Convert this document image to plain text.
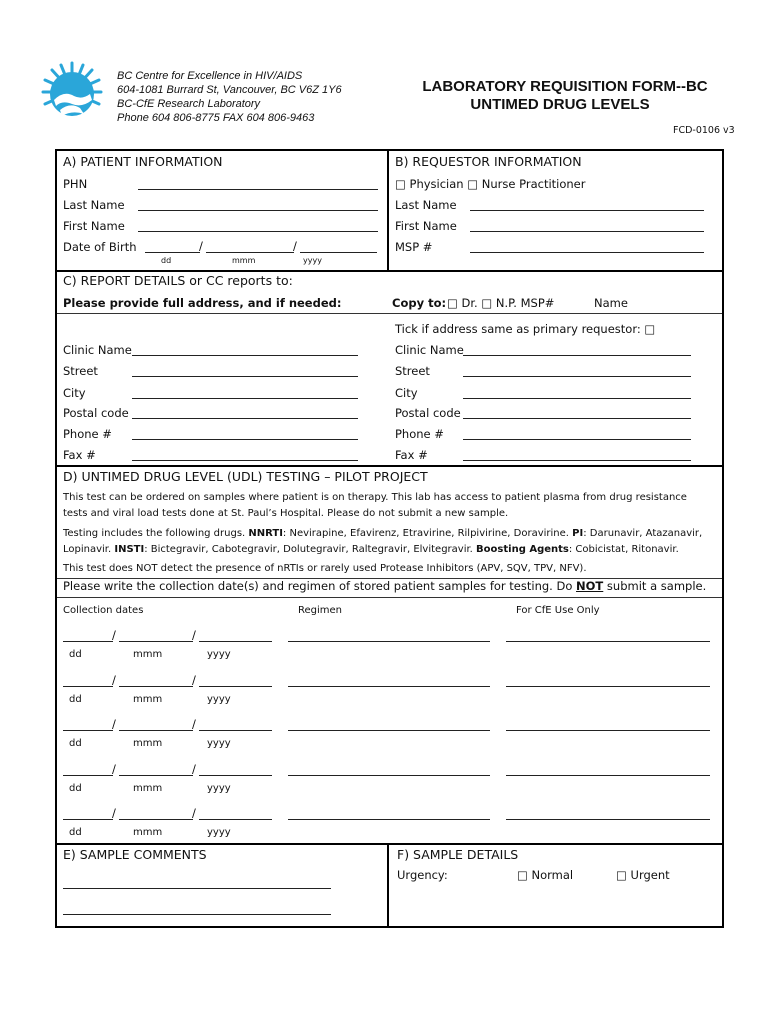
BC Centre for Excellence in HIV/AIDS
604-1081 Burrard St, Vancouver, BC V6Z 1Y6
BC-CfE Research Laboratory
Phone 604 806-8775 FAX 604 806-9463
LABORATORY REQUISITION FORM--BC
UNTIMED DRUG LEVELS
FCD-0106 v3
A) PATIENT INFORMATION
PHN
Last Name
First Name
Date of Birth	/	/
dd	mmm	yyyy
B) REQUESTOR INFORMATION
□ Physician □ Nurse Practitioner
Last Name
First Name
MSP #
C) REPORT DETAILS or CC reports to:
Please provide full address, and if needed:	Copy to: □ Dr. □ N.P. MSP#	Name
Tick if address same as primary requestor: □
Clinic Name
Street
City
Postal code
Phone #
Fax #
Clinic Name
Street
City
Postal code
Phone #
Fax #
D) UNTIMED DRUG LEVEL (UDL) TESTING – PILOT PROJECT
This test can be ordered on samples where patient is on therapy. This lab has access to patient plasma from drug resistance
tests and viral load tests done at St. Paul’s Hospital. Please do not submit a new sample.
Testing includes the following drugs. NNRTI: Nevirapine, Efavirenz, Etravirine, Rilpivirine, Doravirine. PI: Darunavir, Atazanavir,
Lopinavir. INSTI: Bictegravir, Cabotegravir, Dolutegravir, Raltegravir, Elvitegravir. Boosting Agents: Cobicistat, Ritonavir.
This test does NOT detect the presence of nRTIs or rarely used Protease Inhibitors (APV, SQV, TPV, NFV).
Please write the collection date(s) and regimen of stored patient samples for testing. Do NOT submit a sample.
Collection dates	Regimen	For CfE Use Only
/	/
dd	mmm	yyyy
/	/
dd	mmm	yyyy
/	/
dd	mmm	yyyy
/	/
dd	mmm	yyyy
/	/
dd	mmm	yyyy
E) SAMPLE COMMENTS	F) SAMPLE DETAILS
Urgency:	□ Normal	□ Urgent
